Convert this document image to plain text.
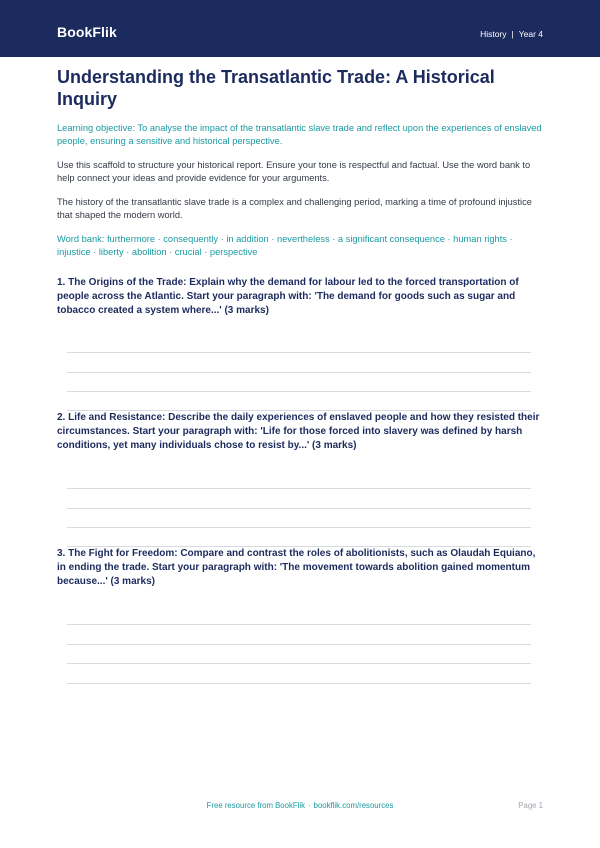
BookFlik	History | Year 4
Understanding the Transatlantic Trade: A Historical Inquiry

Learning objective: To analyse the impact of the transatlantic slave trade and reflect upon the experiences of enslaved people, ensuring a sensitive and historical perspective.

Use this scaffold to structure your historical report. Ensure your tone is respectful and factual. Use the word bank to help connect your ideas and provide evidence for your arguments.

The history of the transatlantic slave trade is a complex and challenging period, marking a time of profound injustice that shaped the modern world.

Word bank: furthermore · consequently · in addition · nevertheless · a significant consequence · human rights · injustice · liberty · abolition · crucial · perspective

1. The Origins of the Trade: Explain why the demand for labour led to the forced transportation of people across the Atlantic. Start your paragraph with: 'The demand for goods such as sugar and tobacco created a system where...' (3 marks)

2. Life and Resistance: Describe the daily experiences of enslaved people and how they resisted their circumstances. Start your paragraph with: 'Life for those forced into slavery was defined by harsh conditions, yet many individuals chose to resist by...' (3 marks)

3. The Fight for Freedom: Compare and contrast the roles of abolitionists, such as Olaudah Equiano, in ending the trade. Start your paragraph with: 'The movement towards abolition gained momentum because...' (3 marks)

Free resource from BookFlik · bookflik.com/resources	Page 1
